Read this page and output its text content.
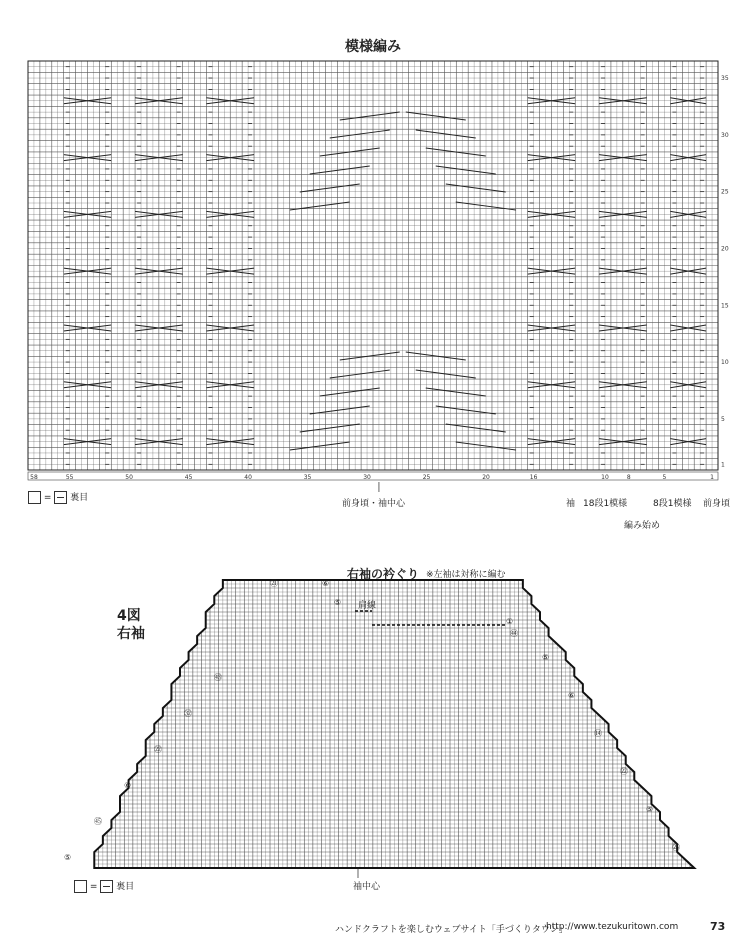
模様編み
58	55	50	45	40	35	30	25	20	16	10	8	5	1
1
5
10
15
20
25
30
35
⑤
㊺
⑥
㉒
㉜
㊸
⑤
⑥
⑭
㉒
⑤
㉕
㉑	⑥
⑤
①
㊹
前身頃・袖中心	袖 18段1模様	8段1模様 前身頃
編み始め
= 裏目
右袖の衿ぐり ※左袖は対称に編む
肩線
4図
右袖
袖中心
= 裏目
ハンドクラフトを楽しむウェブサイト「手づくりタウン」
http://www.tezukuritown.com	73
